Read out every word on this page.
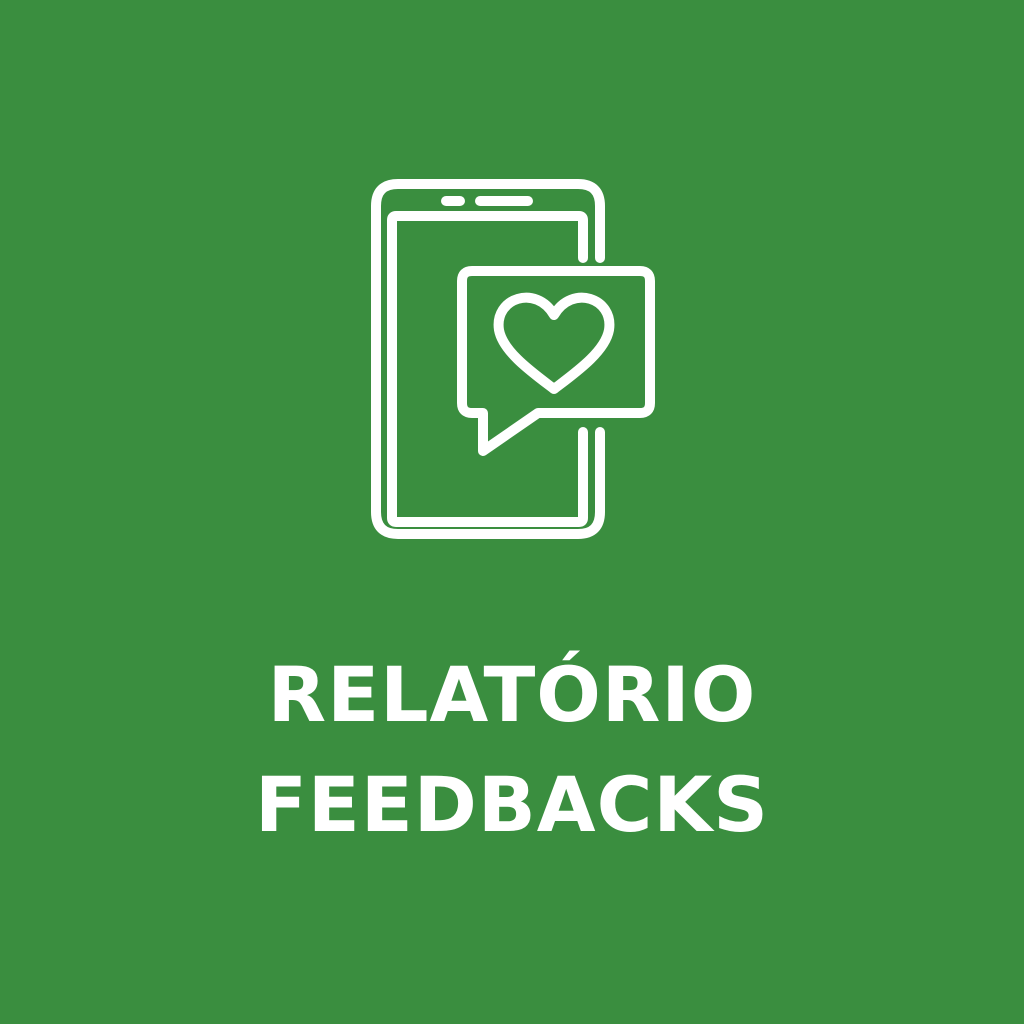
RELATÓRIO
FEEDBACKS
